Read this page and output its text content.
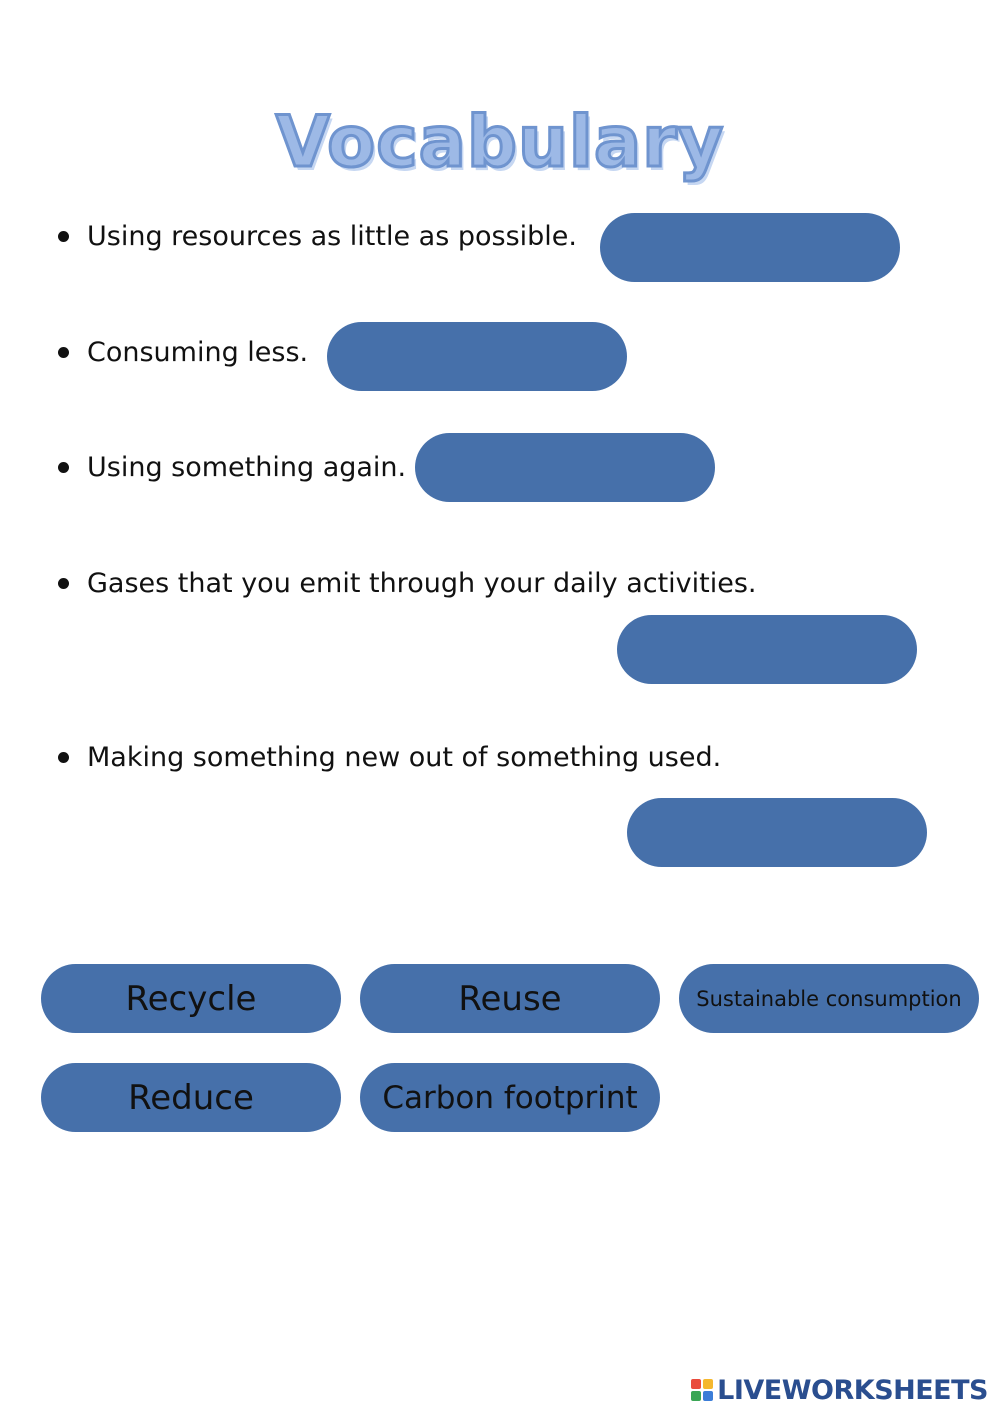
Vocabulary
Using resources as little as possible.
Consuming less.
Using something again.
Gases that you emit through your daily activities.
Making something new out of something used.
Recycle	Reuse	Sustainable consumption
Reduce	Carbon footprint
LIVEWORKSHEETS
